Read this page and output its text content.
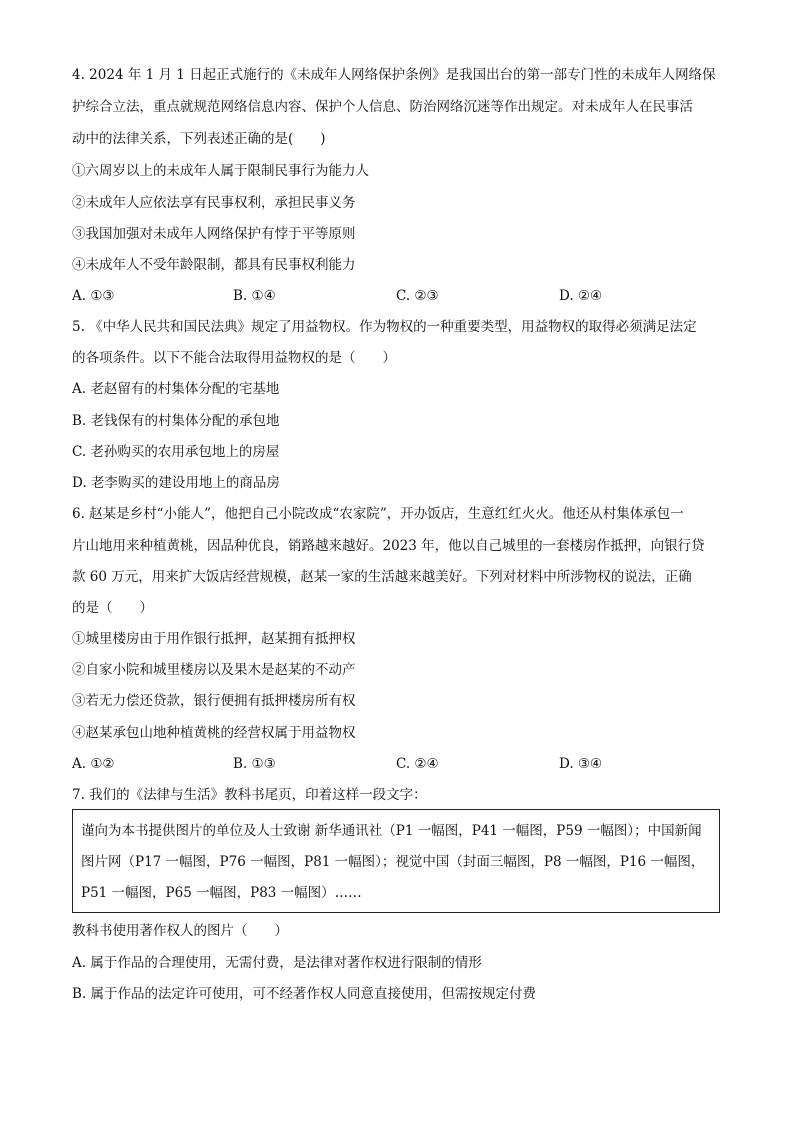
4. 2024 年 1 月 1 日起正式施行的《未成年人网络保护条例》是我国出台的第一部专门性的未成年人网络保
护综合立法，重点就规范网络信息内容、保护个人信息、防治网络沉迷等作出规定。对未成年人在民事活
动中的法律关系，下列表述正确的是(　　)
①六周岁以上的未成年人属于限制民事行为能力人
②未成年人应依法享有民事权利，承担民事义务
③我国加强对未成年人网络保护有悖于平等原则
④未成年人不受年龄限制，都具有民事权利能力
A. ①③	B. ①④	C. ②③	D. ②④
5. 《中华人民共和国民法典》规定了用益物权。作为物权的一种重要类型，用益物权的取得必须满足法定
的各项条件。以下不能合法取得用益物权的是（　　）
A. 老赵留有的村集体分配的宅基地
B. 老钱保有的村集体分配的承包地
C. 老孙购买的农用承包地上的房屋
D. 老李购买的建设用地上的商品房
6. 赵某是乡村“小能人”，他把自己小院改成“农家院”，开办饭店，生意红红火火。他还从村集体承包一
片山地用来种植黄桃，因品种优良，销路越来越好。2023 年，他以自己城里的一套楼房作抵押，向银行贷
款 60 万元，用来扩大饭店经营规模，赵某一家的生活越来越美好。下列对材料中所涉物权的说法，正确
的是（　　）
①城里楼房由于用作银行抵押，赵某拥有抵押权
②自家小院和城里楼房以及果木是赵某的不动产
③若无力偿还贷款，银行便拥有抵押楼房所有权
④赵某承包山地种植黄桃的经营权属于用益物权
A. ①②	B. ①③	C. ②④	D. ③④
7. 我们的《法律与生活》教科书尾页，印着这样一段文字：
谨向为本书提供图片的单位及人士致谢 新华通讯社（P1 一幅图，P41 一幅图，P59 一幅图）；中国新闻
图片网（P17 一幅图，P76 一幅图，P81 一幅图）；视觉中国（封面三幅图，P8 一幅图，P16 一幅图，
P51 一幅图，P65 一幅图，P83 一幅图）……
教科书使用著作权人的图片（　　）
A. 属于作品的合理使用，无需付费，是法律对著作权进行限制的情形
B. 属于作品的法定许可使用，可不经著作权人同意直接使用，但需按规定付费
